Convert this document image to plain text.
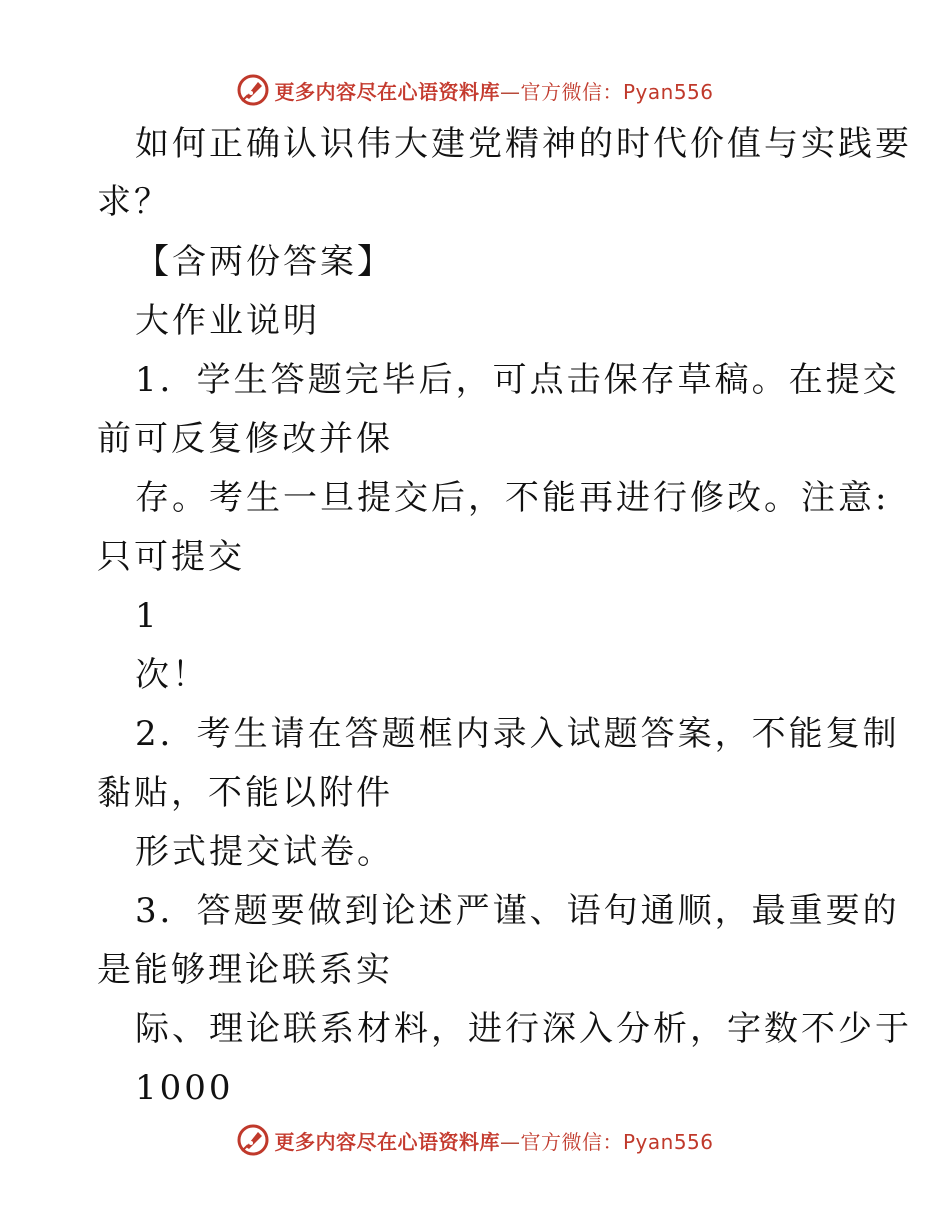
更多内容尽在心语资料库—官方微信：Pyan556
如何正确认识伟大建党精神的时代价值与实践要
求？
【含两份答案】
大作业说明
1．学生答题完毕后，可点击保存草稿。在提交
前可反复修改并保
存。考生一旦提交后，不能再进行修改。注意:
只可提交
1
次！
2．考生请在答题框内录入试题答案，不能复制
黏贴，不能以附件
形式提交试卷。
3．答题要做到论述严谨、语句通顺，最重要的
是能够理论联系实
际、理论联系材料，进行深入分析，字数不少于
1000
更多内容尽在心语资料库—官方微信：Pyan556
